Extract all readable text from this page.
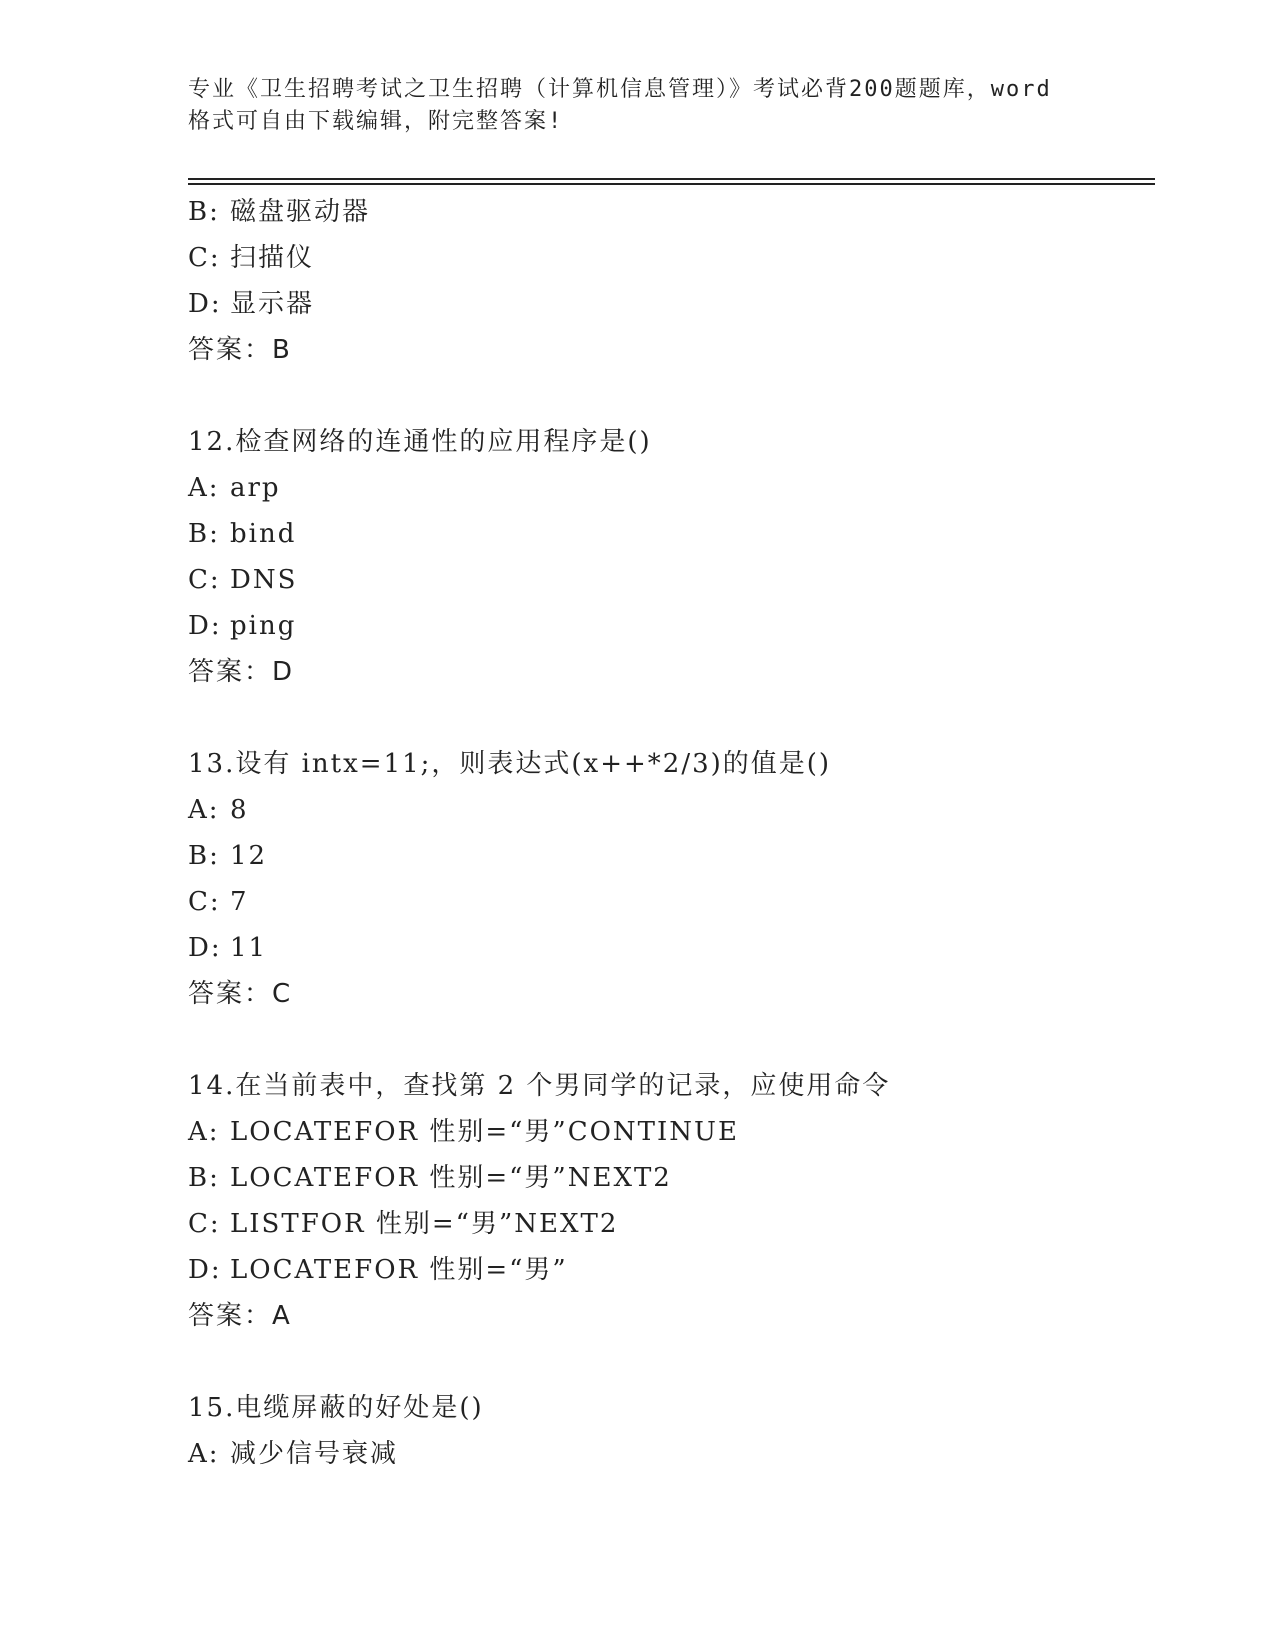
专业《卫生招聘考试之卫生招聘（计算机信息管理）》考试必背200题题库，word
格式可自由下载编辑，附完整答案!
B: 磁盘驱动器
C: 扫描仪
D: 显示器
答案：B
12.检查网络的连通性的应用程序是()
A: arp
B: bind
C: DNS
D: ping
答案：D
13.设有 intx=11;，则表达式(x++*2/3)的值是()
A: 8
B: 12
C: 7
D: 11
答案：C
14.在当前表中，查找第 2 个男同学的记录，应使用命令
A: LOCATEFOR 性别=“男”CONTINUE
B: LOCATEFOR 性别=“男”NEXT2
C: LISTFOR 性别=“男”NEXT2
D: LOCATEFOR 性别=“男”
答案：A
15.电缆屏蔽的好处是()
A: 减少信号衰减
